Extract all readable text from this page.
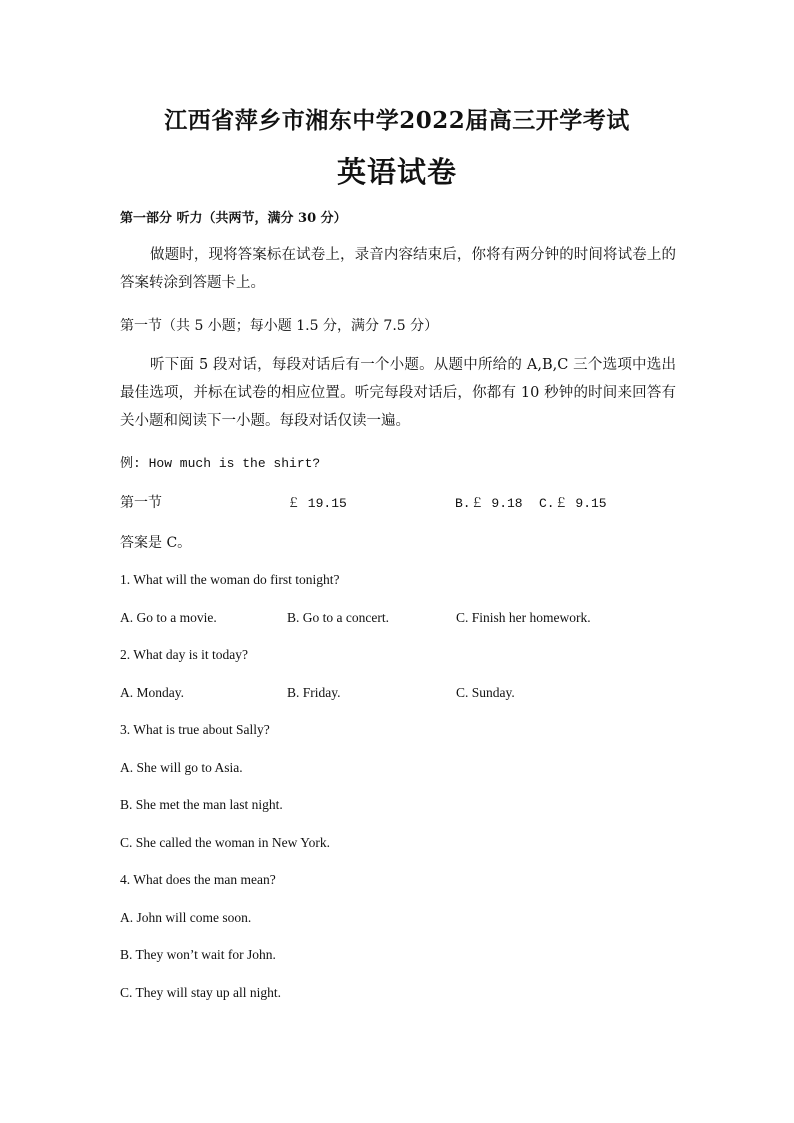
江西省萍乡市湘东中学2022届高三开学考试
英语试卷
第一部分 听力（共两节，满分 30 分）
做题时，现将答案标在试卷上，录音内容结束后，你将有两分钟的时间将试卷上的答案转涂到答题卡上。
第一节（共 5 小题；每小题 1.5 分，满分 7.5 分）
听下面 5 段对话，每段对话后有一个小题。从题中所给的 A,B,C 三个选项中选出最佳选项，并标在试卷的相应位置。听完每段对话后，你都有 10 秒钟的时间来回答有关小题和阅读下一小题。每段对话仅读一遍。
例: How much is the shirt?
第一节	￡ 19.15	B.￡ 9.18 C.￡ 9.15
答案是 C。
1. What will the woman do first tonight?
A. Go to a movie.	B. Go to a concert.	C. Finish her homework.
2. What day is it today?
A. Monday.	B. Friday.	C. Sunday.
3. What is true about Sally?
A. She will go to Asia.
B. She met the man last night.
C. She called the woman in New York.
4. What does the man mean?
A. John will come soon.
B. They won’t wait for John.
C. They will stay up all night.
